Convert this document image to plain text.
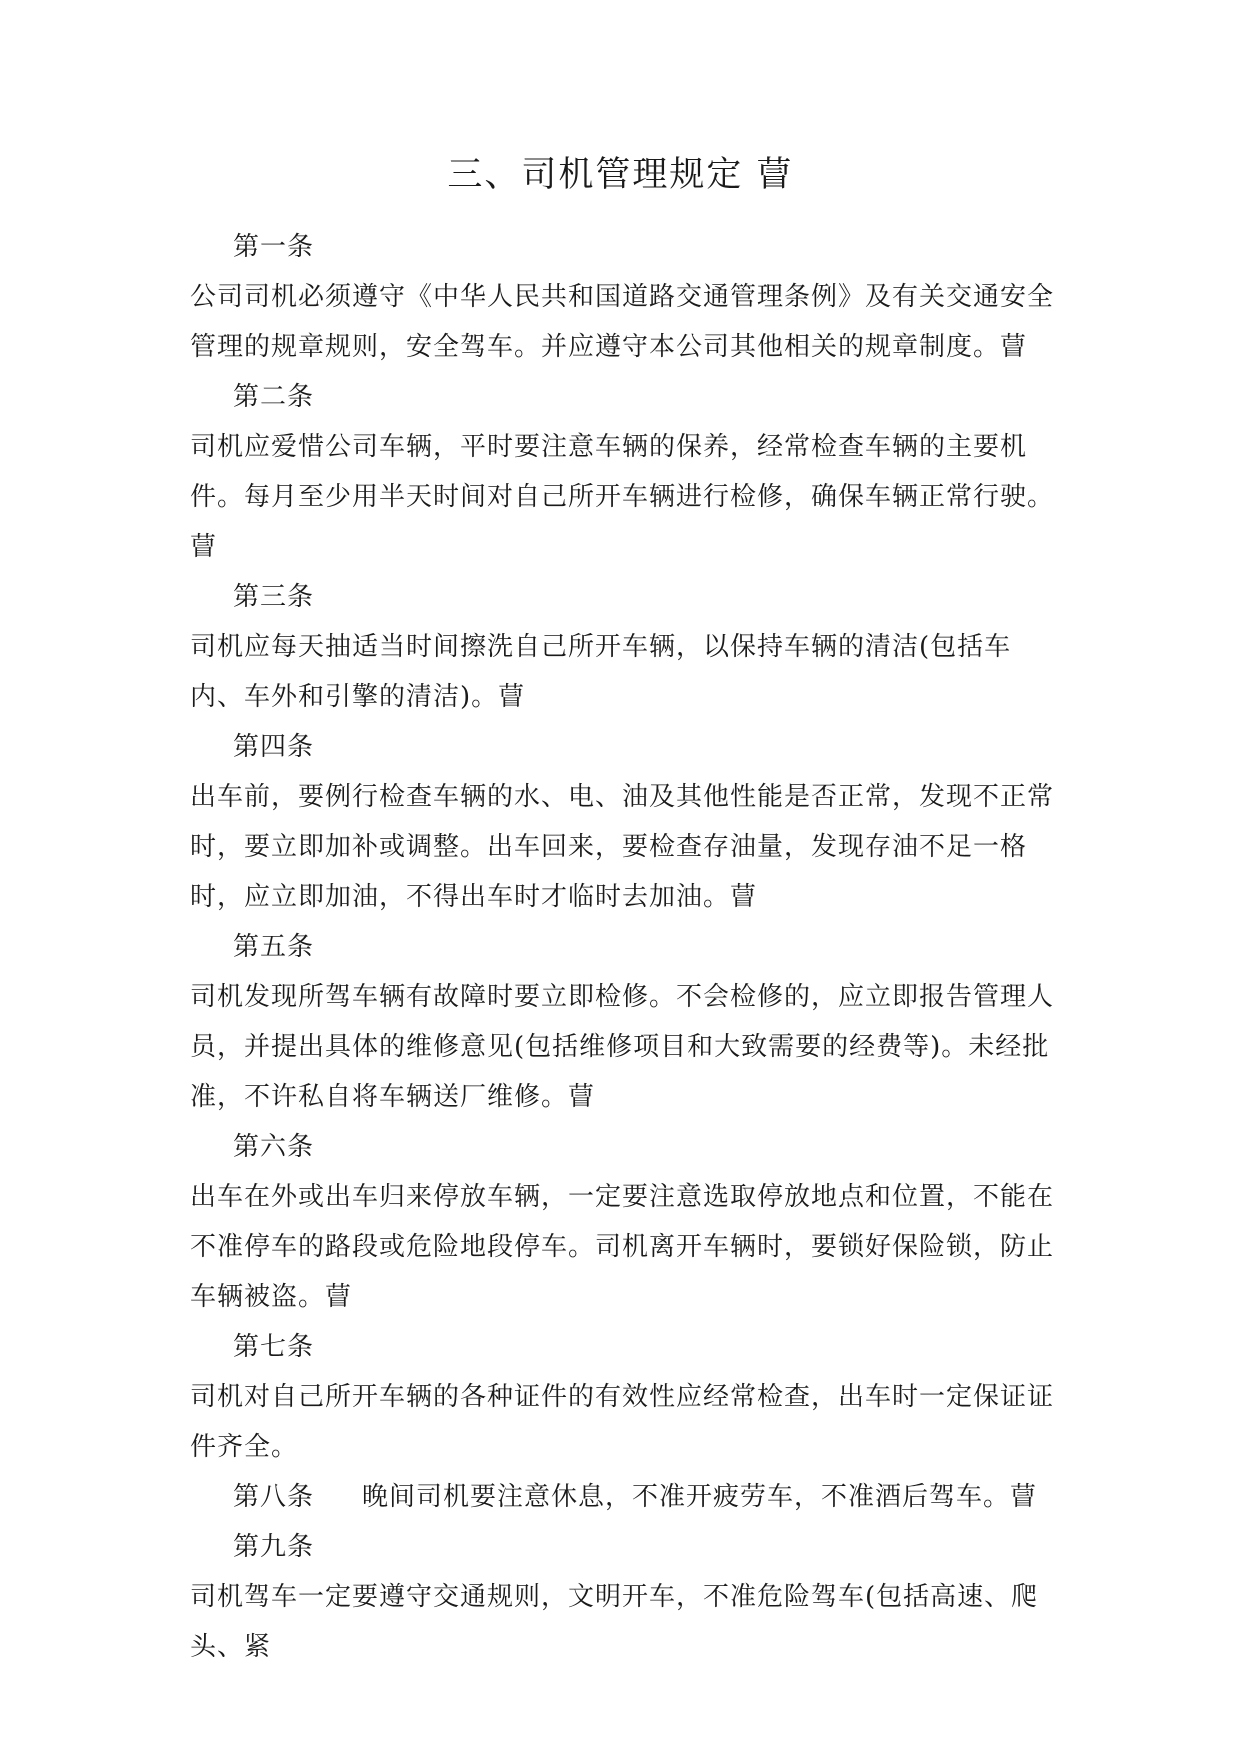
三、司机管理规定 萺
第一条
公司司机必须遵守《中华人民共和国道路交通管理条例》及有关交通安全管理的规章规则，安全驾车。并应遵守本公司其他相关的规章制度。萺
第二条
司机应爱惜公司车辆，平时要注意车辆的保养，经常检查车辆的主要机件。每月至少用半天时间对自己所开车辆进行检修，确保车辆正常行驶。萺
第三条
司机应每天抽适当时间擦洗自己所开车辆，以保持车辆的清洁(包括车内、车外和引擎的清洁)。萺
第四条
出车前，要例行检查车辆的水、电、油及其他性能是否正常，发现不正常时，要立即加补或调整。出车回来，要检查存油量，发现存油不足一格时，应立即加油，不得出车时才临时去加油。萺
第五条
司机发现所驾车辆有故障时要立即检修。不会检修的，应立即报告管理人员，并提出具体的维修意见(包括维修项目和大致需要的经费等)。未经批准，不许私自将车辆送厂维修。萺
第六条
出车在外或出车归来停放车辆，一定要注意选取停放地点和位置，不能在不准停车的路段或危险地段停车。司机离开车辆时，要锁好保险锁，防止车辆被盗。萺
第七条
司机对自己所开车辆的各种证件的有效性应经常检查，出车时一定保证证件齐全。
第八条 晚间司机要注意休息，不准开疲劳车，不准酒后驾车。萺
第九条
司机驾车一定要遵守交通规则，文明开车，不准危险驾车(包括高速、爬头、紧
